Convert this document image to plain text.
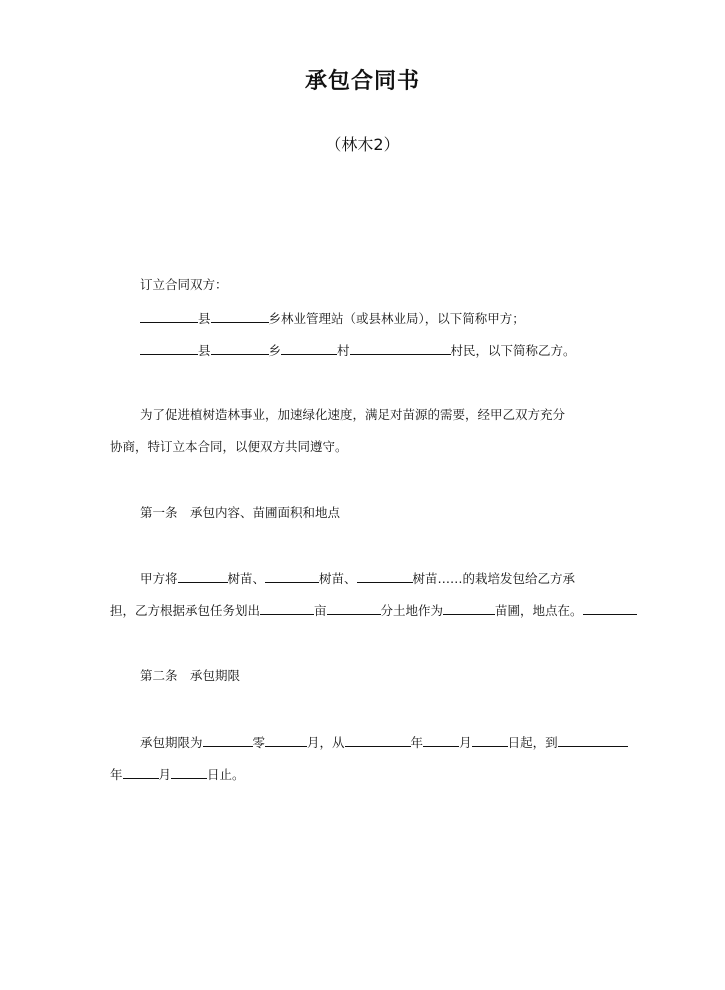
承包合同书
（林木2）
订立合同双方：
县	乡林业管理站（或县林业局），以下简称甲方；
县	乡	村	村民，以下简称乙方。
为了促进植树造林事业，加速绿化速度，满足对苗源的需要，经甲乙双方充分
协商，特订立本合同，以便双方共同遵守。
第一条　承包内容、苗圃面积和地点
甲方将	树苗、	树苗、	树苗……的栽培发包给乙方承
担，乙方根据承包任务划出	亩	分土地作为	苗圃，地点在。
第二条　承包期限
承包期限为	零	月，从	年	月	日起，到
年	月	日止。
